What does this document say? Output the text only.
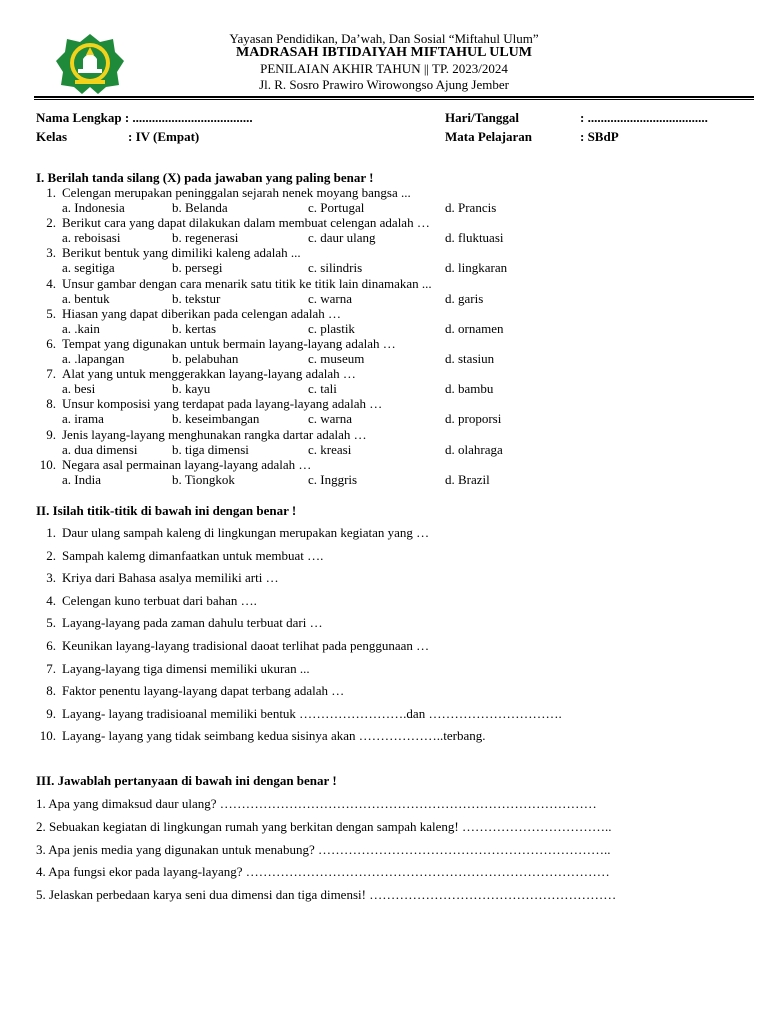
Yayasan Pendidikan, Da’wah, Dan Sosial “Miftahul Ulum”
MADRASAH IBTIDAIYAH MIFTAHUL ULUM
PENILAIAN AKHIR TAHUN || TP. 2023/2024
Jl. R. Sosro Prawiro Wirowongso Ajung Jember
Nama Lengkap : .....................................	Hari/Tanggal	: .....................................
Kelas	: IV (Empat)	Mata Pelajaran	: SBdP
I. Berilah tanda silang (X) pada jawaban yang paling benar !
1. Celengan merupakan peninggalan sejarah nenek moyang bangsa ...
a. Indonesia	b. Belanda	c. Portugal	d. Prancis
2. Berikut cara yang dapat dilakukan dalam membuat celengan adalah …
a. reboisasi	b. regenerasi	c. daur ulang	d. fluktuasi
3. Berikut bentuk yang dimiliki kaleng adalah ...
a. segitiga	b. persegi	c. silindris	d. lingkaran
4. Unsur gambar dengan cara menarik satu titik ke titik lain dinamakan ...
a. bentuk	b. tekstur	c. warna	d. garis
5. Hiasan yang dapat diberikan pada celengan adalah …
a. .kain	b. kertas	c. plastik	d. ornamen
6. Tempat yang digunakan untuk bermain layang-layang adalah …
a. .lapangan	b. pelabuhan	c. museum	d. stasiun
7. Alat yang untuk menggerakkan layang-layang adalah …
a. besi	b. kayu	c. tali	d. bambu
8. Unsur komposisi yang terdapat pada layang-layang adalah …
a. irama	b. keseimbangan	c. warna	d. proporsi
9. Jenis layang-layang menghunakan rangka dartar adalah …
a. dua dimensi	b. tiga dimensi	c. kreasi	d. olahraga
10. Negara asal permainan layang-layang adalah …
a. India	b. Tiongkok	c. Inggris	d. Brazil
II. Isilah titik-titik di bawah ini dengan benar !
1. Daur ulang sampah kaleng di lingkungan merupakan kegiatan yang …
2. Sampah kalemg dimanfaatkan untuk membuat ….
3. Kriya dari Bahasa asalya memiliki arti …
4. Celengan kuno terbuat dari bahan ….
5. Layang-layang pada zaman dahulu terbuat dari …
6. Keunikan layang-layang tradisional daoat terlihat pada penggunaan …
7. Layang-layang tiga dimensi memiliki ukuran ...
8. Faktor penentu layang-layang dapat terbang adalah …
9. Layang- layang tradisioanal memiliki bentuk …………………….dan ………………………….
10. Layang- layang yang tidak seimbang kedua sisinya akan ………………..terbang.
III. Jawablah pertanyaan di bawah ini dengan benar !
1. Apa yang dimaksud daur ulang? ……………………………………………………………………………
2. Sebuakan kegiatan di lingkungan rumah yang berkitan dengan sampah kaleng! ……………………………..
3. Apa jenis media yang digunakan untuk menabung? …………………………………………………………..
4. Apa fungsi ekor pada layang-layang? …………………………………………………………………………
5. Jelaskan perbedaan karya seni dua dimensi dan tiga dimensi! …………………………………………………
